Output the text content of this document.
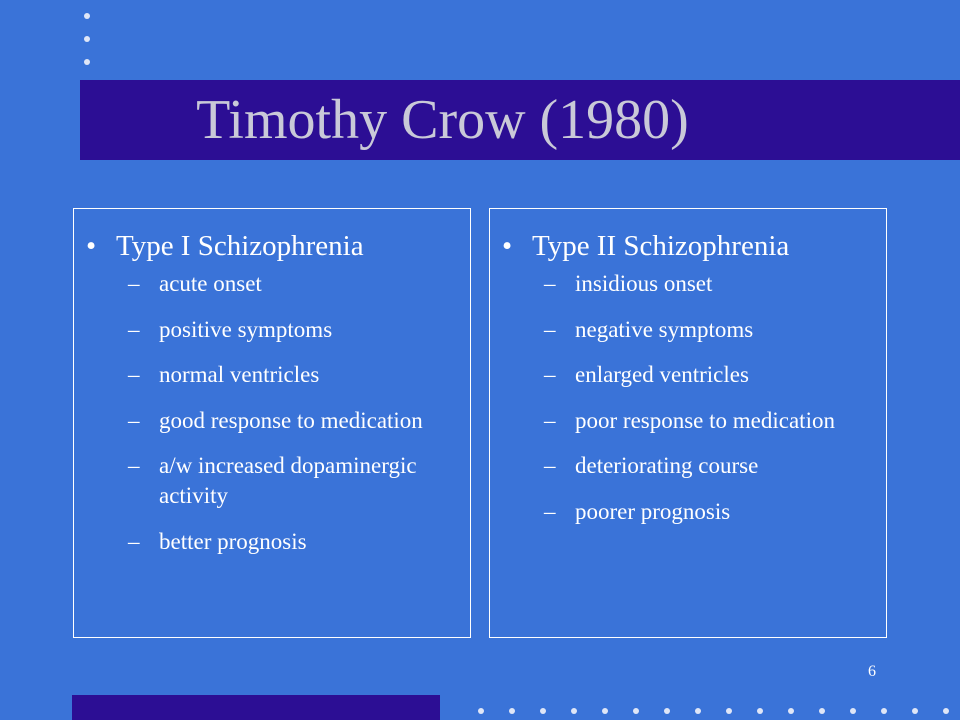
Timothy Crow (1980)
• Type I Schizophrenia
– acute onset
– positive symptoms
– normal ventricles
– good response to medication
– a/w increased dopaminergic activity
– better prognosis
• Type II Schizophrenia
– insidious onset
– negative symptoms
– enlarged ventricles
– poor response to medication
– deteriorating course
– poorer prognosis
6
